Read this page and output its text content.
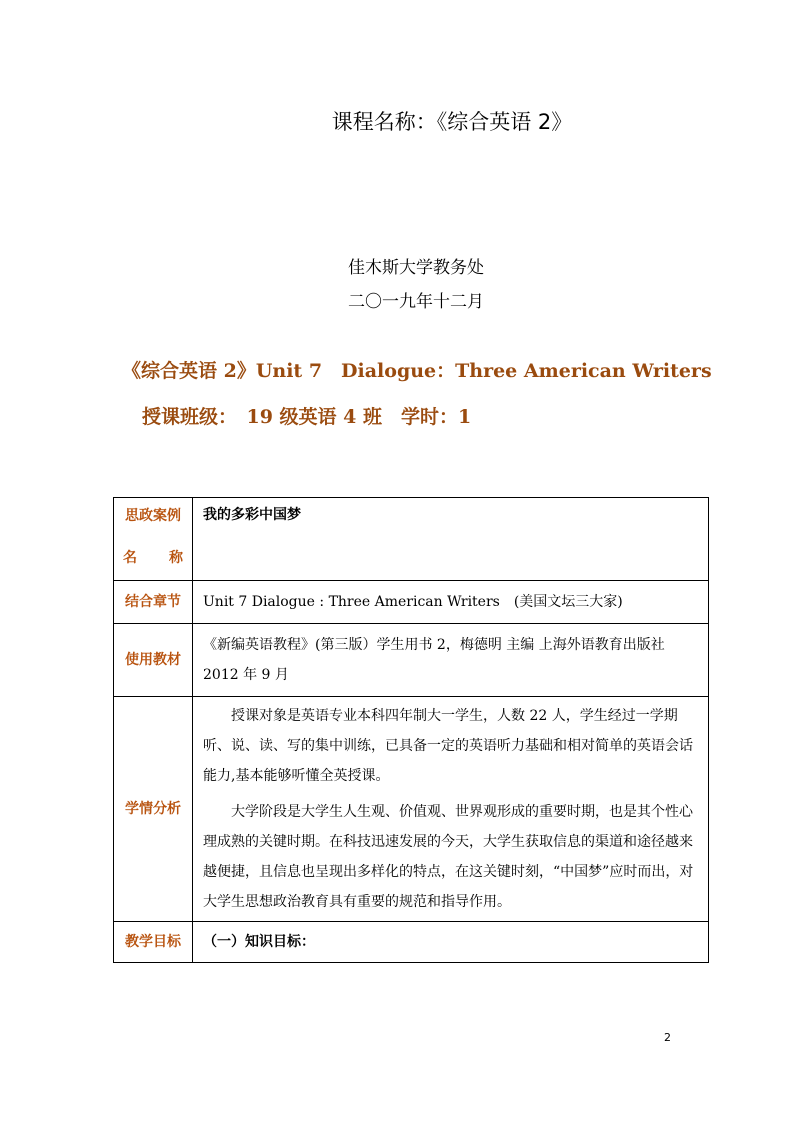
课程名称：《综合英语 2》
佳木斯大学教务处
二〇一九年十二月
《综合英语 2》Unit 7　Dialogue：Three American Writers
授课班级：　19 级英语 4 班　学时：1
思政案例
名 称	我的多彩中国梦
结合章节	Unit 7 Dialogue : Three American Writers　(美国文坛三大家)
使用教材	《新编英语教程》(第三版）学生用书 2，梅德明 主编 上海外语教育出版社 2012 年 9 月
学情分析	授课对象是英语专业本科四年制大一学生，人数 22 人，学生经过一学期听、说、读、写的集中训练，已具备一定的英语听力基础和相对简单的英语会话能力,基本能够听懂全英授课。

大学阶段是大学生人生观、价值观、世界观形成的重要时期，也是其个性心理成熟的关键时期。在科技迅速发展的今天，大学生获取信息的渠道和途径越来越便捷，且信息也呈现出多样化的特点，在这关键时刻，“中国梦”应时而出，对大学生思想政治教育具有重要的规范和指导作用。

教学目标	（一）知识目标：
2
